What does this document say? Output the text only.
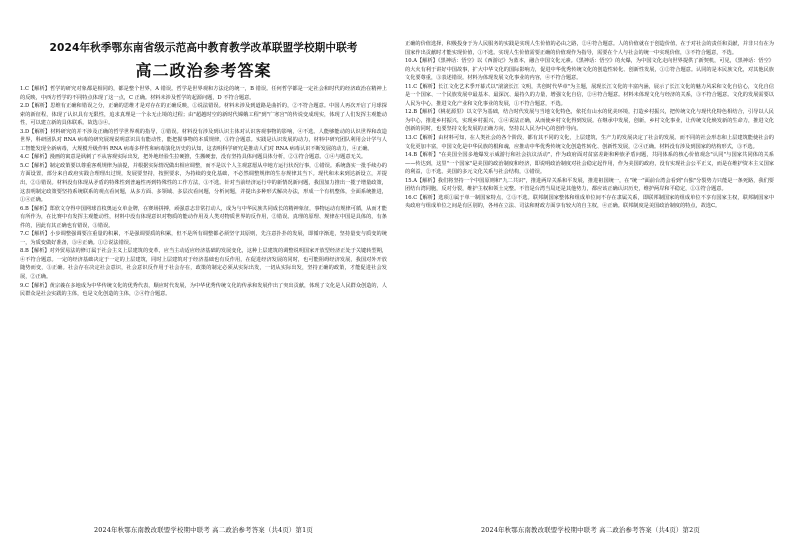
2024年秋季鄂东南省级示范高中教育教学改革联盟学校期中联考
高二政治参考答案

1.C【解析】哲学的研究对象都是相同的，都是整个世界，A 错误。哲学是世界观和方法论的统一，B 错误。任何哲学都是一定社会和时代的经济政治在精神上的反映，中西方哲学的不同特点体现了这一点，C 正确。材料未涉及哲学的起源问题，D 不符合题意。

2.D【解析】思维有正确和错误之分，正确的思维才是对存在的正确反映，①说法错误。材料未涉及到道路是曲折的，②不符合题意。中国人再次开启了月球探索的新征程，体现了认识具有无限性，追求真理是一个永无止境的过程；由"超越时空的新时代嫦娥工程"到"广寒宫"的传说变成现实，体现了人们发挥主观能动性，可以建立新的具体联系。故选③④。

3.D【解析】材料研究的并不涉及正确的哲学世界观的指导，①错误。材料没有涉及到认识主体对认识客观事物的影响，④不选。人能够能动的认识世界和改造世界，科研团队对 RNA 病毒的研究展现说明意识具有能动性，能把握事物的本质规律，③符合题意。实践是认识发展的动力，材料中研究团队利用会计学与人工智能发现全新病毒，大规模升级作料 RNA 病毒多样性和病毒演化历史的认知，这表明科学研究是推动人们对 RNA 病毒认识不断发展的动力，④正确。

4.C【解析】漫画的寓意是讽刺了不从客观实际出发，把外地经验生拉硬推，生搬硬套，没有坚持具体问题具体分析，②③符合题意。①④与题意无关。

5.C【解析】制定政策要以尊重客观规律为前提，并根据实际情况做出相应调整，而不是以个人主观意愿从中地方运行状况行事，①错误。系统落实一批手续办的方面设置，部分来自政府实践合理理出过规，发展要坚持，按照要求，为持续的变化基础，不必然调整规律的生存规律其当下。现代和未来到达新设立，并提出，②③错误。材料没有体现从矛盾的特殊性到普遍性再到特殊性的工作方法，③不选。针对当前经济运行中的新情况新问题，我国加力推出一揽子增量政策，这表明制定政策要坚持系统联系的观点看问题，从多方面、多领域、多层次看问题，分析问题，并提出多种形式解决办法，形成一个有机整体，全面系统推进，①④正确。

6.B【解析】郑欣文夺得中国网球首枚奥运女单金牌，在赛场拼搏，顽强意志非常打动人，成为与中华民族共同成长的精神象征，事物运动有规律可循，从而才能有所作为，在比赛中有发挥主观能动性，材料中没有体现意识对物质的能动作用及人类对物质世界的反作用，②错误。真理的原理、规律在中国是具体的，有条件的，因此有其正确也有错误，③错误。

7.C【解析】小步调整强调要注重量的积累，不是强调要质的积累，但不是所有调整都必须坚守其原则，先注意扑扑的发展，即循序渐进，坚持量变与质变的统一，为质变做好准备，③④正确。①②说法错误。

8.B【解析】对外贸易法的修订属于社会主义上层建筑的变革，应当主动适应经济基础的发展变化，这种上层建筑的调整说明国家开放型经济正处于关键转型期，④不符合题意。一定的经济基础决定于一定的上层建筑，同时上层建筑对于经济基础也有反作用，在促进经济发展的同时，也可能阻碍经济发展，我国对外开放随势而变，③正确。社会存在决定社会意识，社会意识反作用于社会存在，政策的制定必须从实际出发，一切从实际出发，坚持正确的政策，才能促进社会发展，②正确。

9.C【解析】黄宗羲在多地成为中华传统文化的优秀代表，顺应时代发展，为中华优秀传统文化的传承和发展作出了突出贡献，体现了文化是人民群众创造的，人民群众是社会实践的主体，也是文化创造的主体，②④符合题意。

2024年秋鄂东南教改联盟学校期中联考 高二政治参考答案（共4页）第1页

正确的价值选择，积极投身于为人民服务的实践是实现人生价值的必由之路，②④符合题意。人的价值就在于创造价值，在于对社会的责任和贡献，并非只有在为国家作出贡献时才能实现价值，①不选。实现人生价值需要正确的价值观作为指导，需要在个人与社会的统一中实现价值，③不符合题意，不选。

10.A【解析】《黑神话：悟空》以《西游记》为蓝本，融合中国文化元素。《黑神话：悟空》的火爆，为中国文化走向世界提供了新契机，可见，《黑神话：悟空》的大火有利于讲好中国故事，扩大中华文化的国际影响力，促进中华优秀传统文化的创造性转化、创新性发展，①②符合题意。认同的是本民族文化，对其他民族文化要尊重，③表述错误。材料为体现发展文化事业的内容，④不符合题意。

11.C【解析】长江文化艺术季开幕式以"滚滚长江 文明，共创时代华章"为主题，展现长江文化的丰富内涵，展示了长江文化的魅力风采和文化自信心，文化自信是一个国家、一个民族发展中最基本、最深沉、最持久的力量，增强文化自信，②④符合题意。材料未体现文化与经济的关系，③不符合题意。文化的发展需要以人民为中心，推进文化产业和文化事业的发展，①不符合题意，不选。

12.B【解析】《桃花源里》以文学为基础，结合时代发展与当地文化特色，依托有山水的优美环境，打造乡村振兴，把传统文化与现代化特色相结合，引导以人民为中心，推进乡村振兴，实现乡村振兴，①④说法正确，从而使乡村文化得到发展。在继承中发展，创新，乡村文化事业，让传统文化焕发新的生命力，推进文化创新的同时，也要坚持文化发展的正确方向，坚持以人民为中心的创作导向。

13.C【解析】由材料可知，在人类社会的各个阶段，都有其不同的文化，上层建筑，生产力的发展决定了社会的发展。而不同的社会形态和上层建筑能使社会的文化更加丰富，中国文化是中华民族的根和魂，应推动中华优秀传统文化创造性转化、创新性发展，②④正确。材料没有涉及到国家的结构形式，③不选。

14.B【解析】"在美国全国多地爆发示威游行和社会抗议活动"，作为政府面对贫富差距和种族矛盾问题，共同体系的核心价值观念"认同"与国家共同体的关系——传达到，这里"一个国家"是美国的政治制度和经济，即说明政治制度对社会稳定起作用，作为美国的政府，没有实现社会公平正义，而是在维护资本主义国家的利益，②不选。美国的多元文化关系与社会结构，③错误。

15.A【解析】我们将坚持一个中国原则和"九二共识"，推进两岸关系和平发展，推进祖国统一，在"统一"面前台湾会看到"台独"分裂势力只能是一条死路，我们要团结台湾同胞，反对分裂，维护主权和领土完整。不管是台湾当局还是其他势力，都应该正确认识历史，维护两岸和平稳定，①③符合题意。

16.C【解析】选项①属于单一制国家特点，②③不选。联邦制国家整体和组成单位间不存在隶属关系，即联邦制国家的组成单位不享有国家主权，联邦制国家中央政府与组成单位之间是有区别的，各州在立法、司法和财政方面享有较大的自主权，④正确。联邦制度是美国政治制度的特点，故选C。

2024年秋鄂东南教改联盟学校期中联考 高二政治参考答案（共4页）第2页
